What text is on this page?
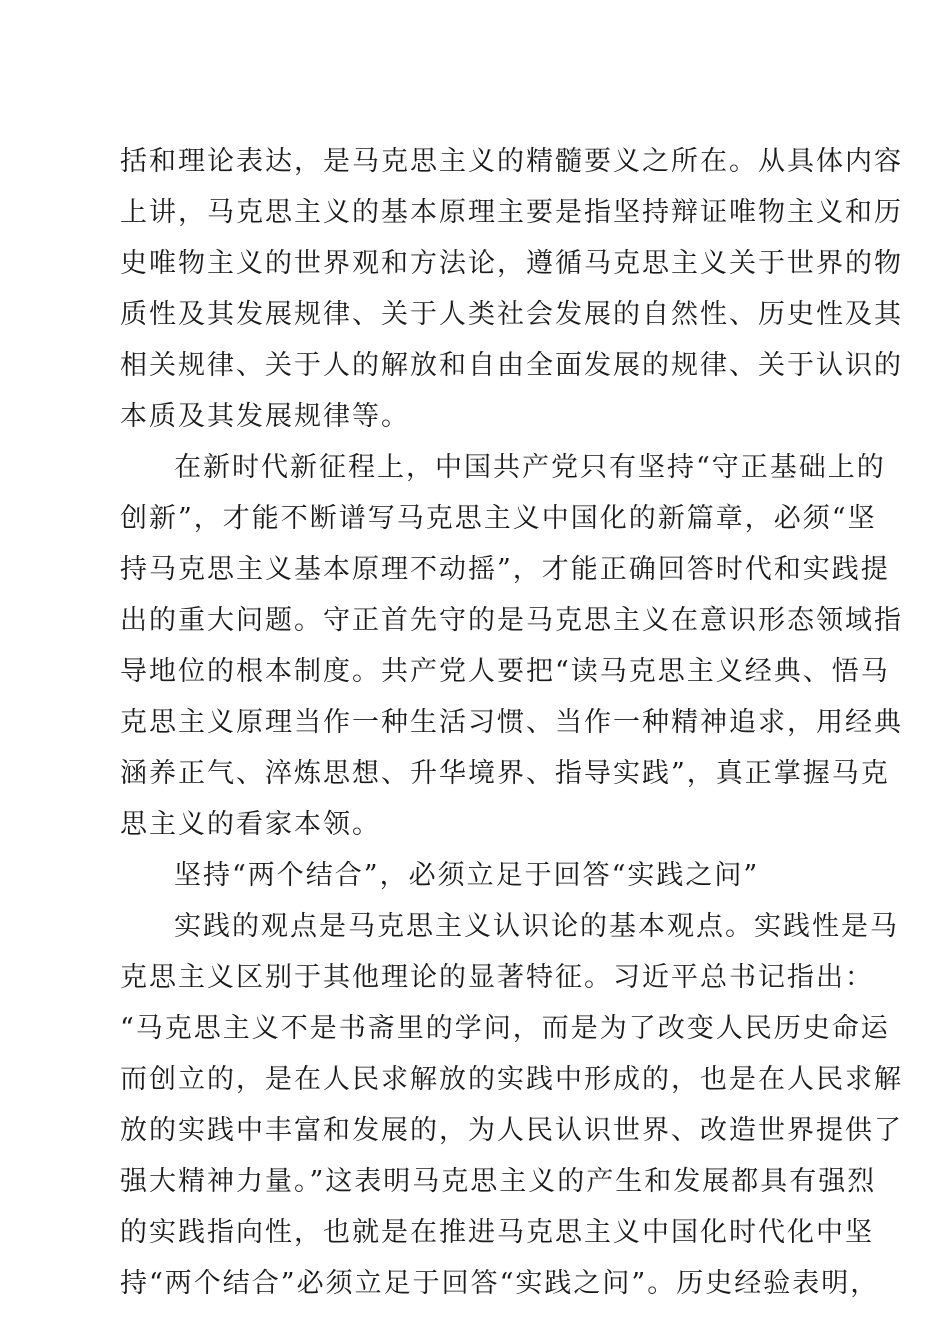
括和理论表达，是马克思主义的精髓要义之所在。从具体内容
上讲，马克思主义的基本原理主要是指坚持辩证唯物主义和历
史唯物主义的世界观和方法论，遵循马克思主义关于世界的物
质性及其发展规律、关于人类社会发展的自然性、历史性及其
相关规律、关于人的解放和自由全面发展的规律、关于认识的
本质及其发展规律等。
在新时代新征程上，中国共产党只有坚持“守正基础上的
创新”，才能不断谱写马克思主义中国化的新篇章，必须“坚
持马克思主义基本原理不动摇”，才能正确回答时代和实践提
出的重大问题。守正首先守的是马克思主义在意识形态领域指
导地位的根本制度。共产党人要把“读马克思主义经典、悟马
克思主义原理当作一种生活习惯、当作一种精神追求，用经典
涵养正气、淬炼思想、升华境界、指导实践”，真正掌握马克
思主义的看家本领。
坚持“两个结合”，必须立足于回答“实践之问”
实践的观点是马克思主义认识论的基本观点。实践性是马
克思主义区别于其他理论的显著特征。习近平总书记指出：
“马克思主义不是书斋里的学问，而是为了改变人民历史命运
而创立的，是在人民求解放的实践中形成的，也是在人民求解
放的实践中丰富和发展的，为人民认识世界、改造世界提供了
强大精神力量。”这表明马克思主义的产生和发展都具有强烈
的实践指向性，也就是在推进马克思主义中国化时代化中坚
持“两个结合”必须立足于回答“实践之问”。历史经验表明，
